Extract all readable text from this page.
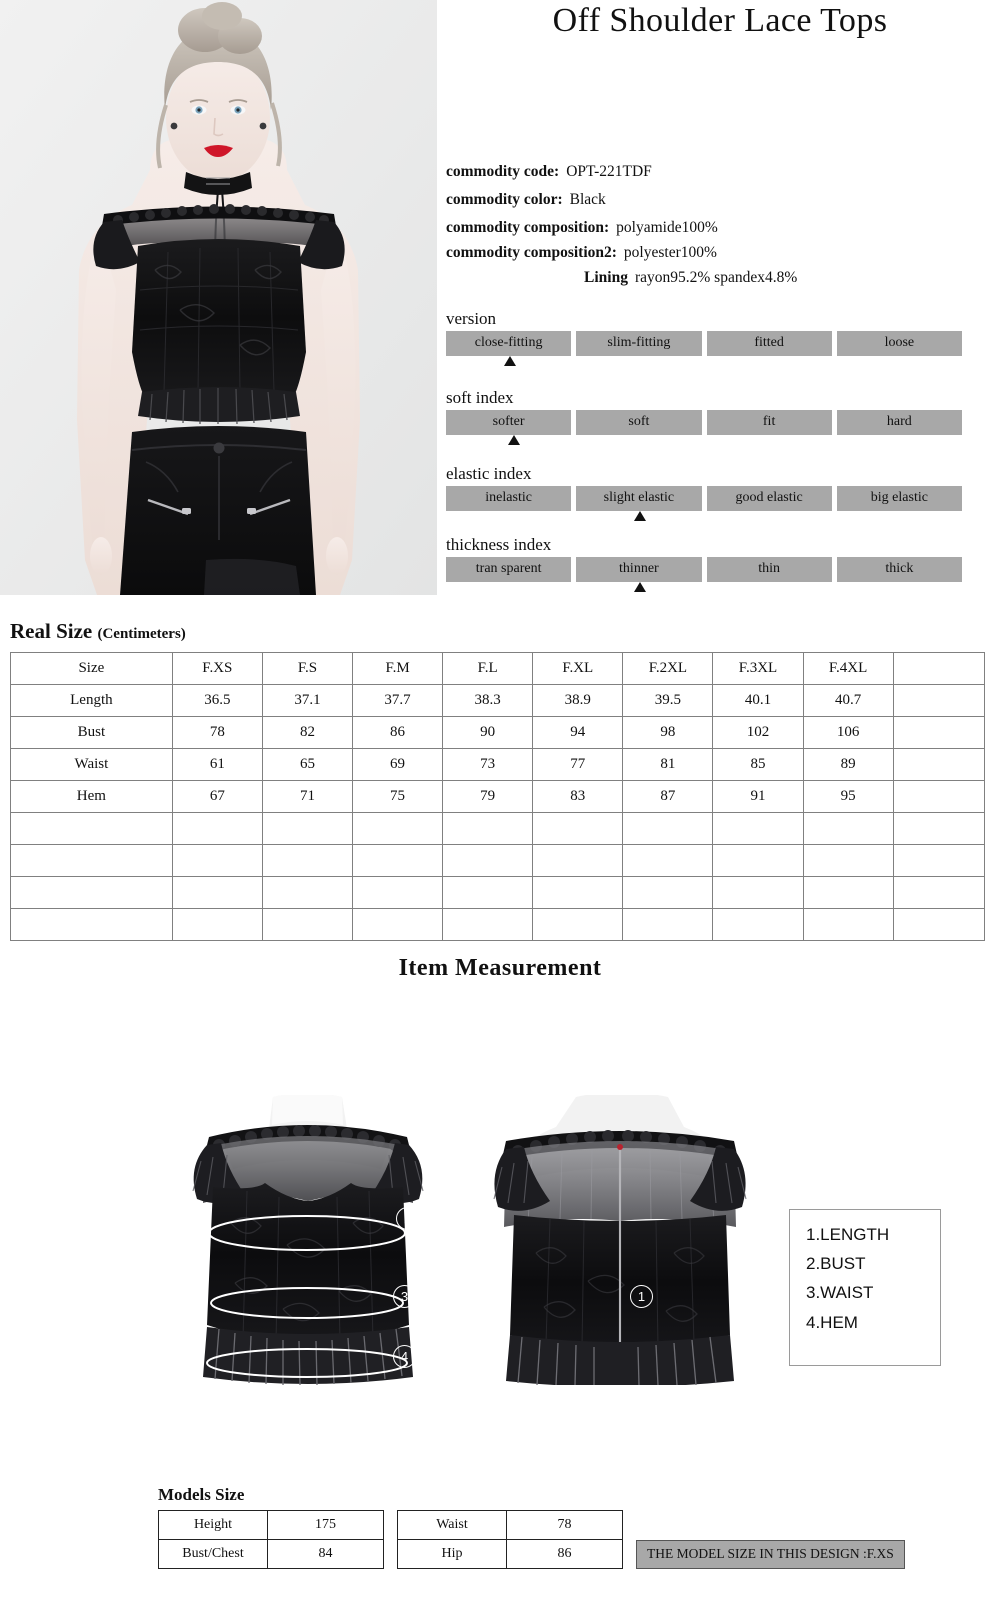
Off Shoulder Lace Tops
commodity code: OPT-221TDF
commodity color: Black
commodity composition: polyamide100%
commodity composition2: polyester100%
Lining rayon95.2% spandex4.8%
version
close-fitting	slim-fitting	fitted	loose
soft index
softer	soft	fit	hard
elastic index
inelastic	slight elastic	good elastic	big elastic
thickness index
tran sparent	thinner	thin	thick
Real Size (Centimeters)
Size	F.XS	F.S	F.M	F.L	F.XL	F.2XL	F.3XL	F.4XL	
Length	36.5	37.1	37.7	38.3	38.9	39.5	40.1	40.7	
Bust	78	82	86	90	94	98	102	106	
Waist	61	65	69	73	77	81	85	89	
Hem	67	71	75	79	83	87	91	95	

Item Measurement
2
3
4
1
1.LENGTH
2.BUST
3.WAIST
4.HEM
Models Size
Height	175
Bust/Chest	84
Waist	78
Hip	86	THE MODEL SIZE IN THIS DESIGN :F.XS
